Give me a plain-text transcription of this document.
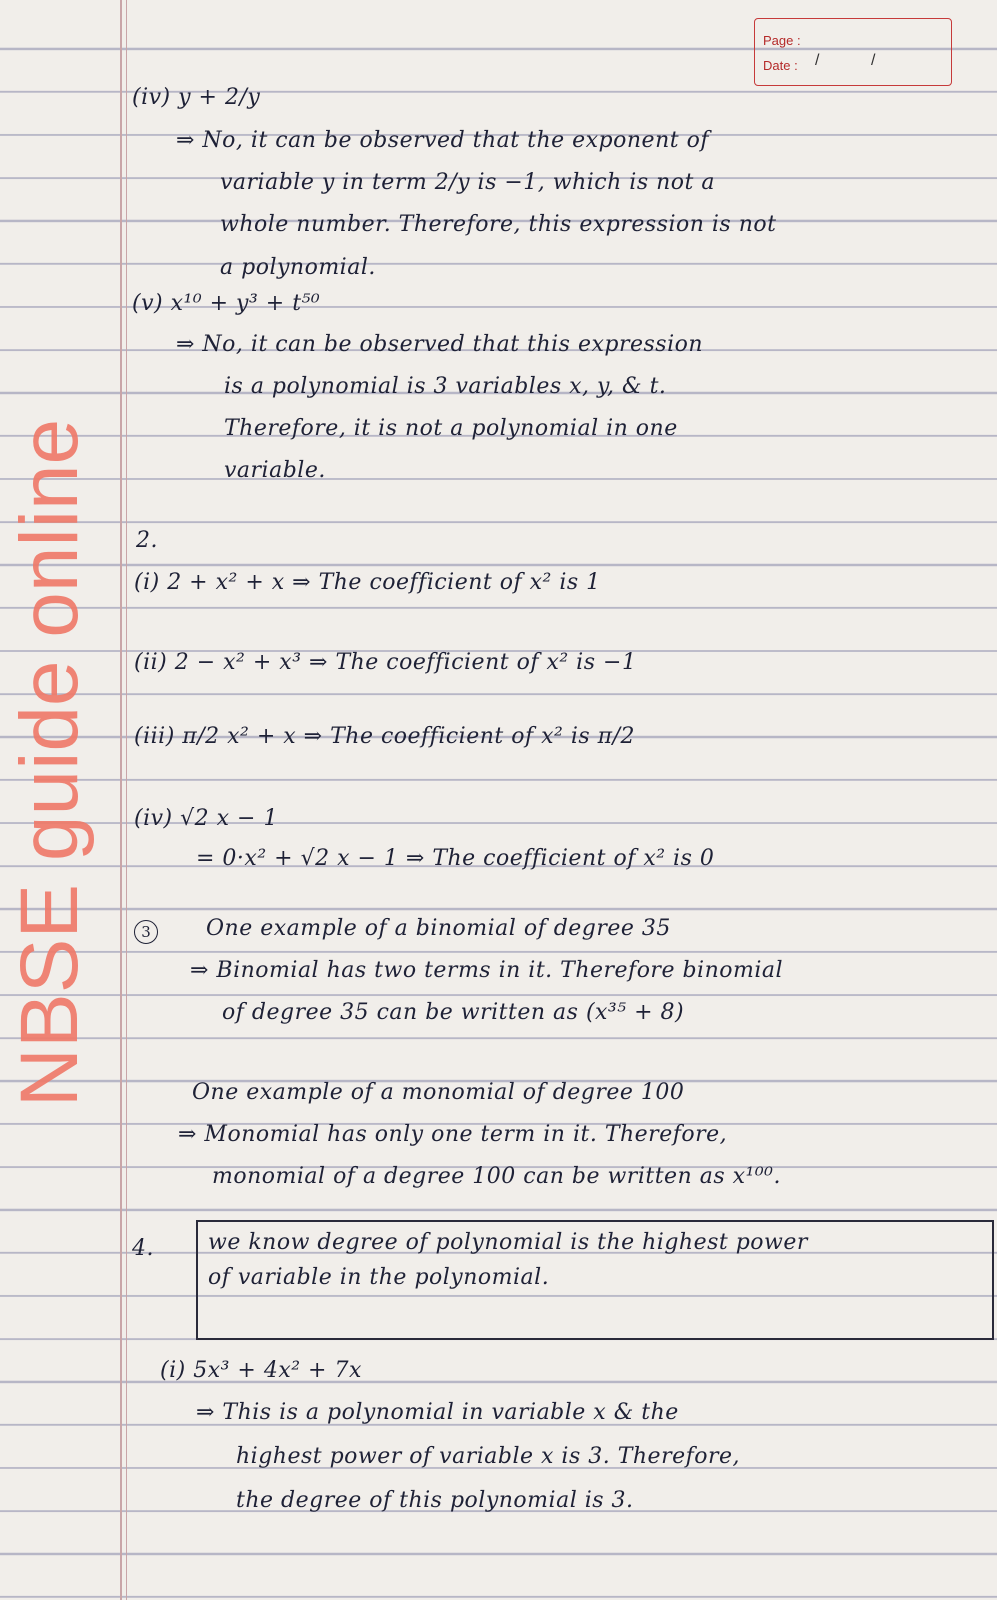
Page :
Date : /	/
NBSE guide online
(iv) y + 2/y
⇒ No, it can be observed that the exponent of
variable y in term 2/y is −1, which is not a
whole number. Therefore, this expression is not
a polynomial.
(v) x¹⁰ + y³ + t⁵⁰
⇒ No, it can be observed that this expression
is a polynomial is 3 variables x, y, & t.
Therefore, it is not a polynomial in one
variable.
2.
(i) 2 + x² + x ⇒ The coefficient of x² is 1
(ii) 2 − x² + x³ ⇒ The coefficient of x² is −1
(iii) π/2 x² + x ⇒ The coefficient of x² is π/2
(iv) √2 x − 1
= 0·x² + √2 x − 1 ⇒ The coefficient of x² is 0
3	One example of a binomial of degree 35
⇒ Binomial has two terms in it. Therefore binomial
of degree 35 can be written as (x³⁵ + 8)
One example of a monomial of degree 100
⇒ Monomial has only one term in it. Therefore,
monomial of a degree 100 can be written as x¹⁰⁰.
4. we know degree of polynomial is the highest power
of variable in the polynomial.
(i) 5x³ + 4x² + 7x
⇒ This is a polynomial in variable x & the
highest power of variable x is 3. Therefore,
the degree of this polynomial is 3.
